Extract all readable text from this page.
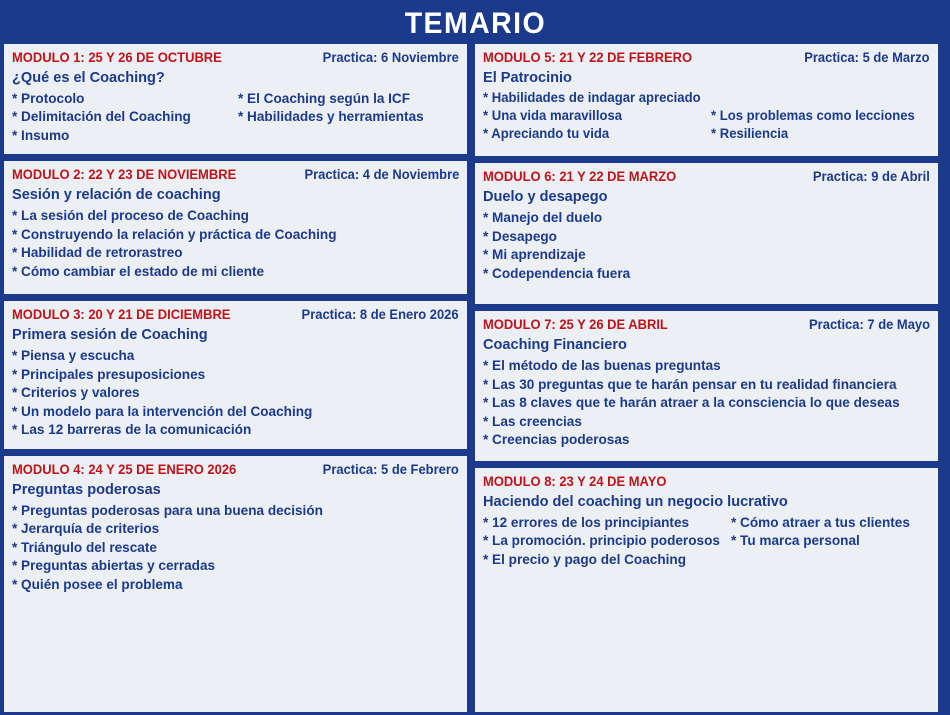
TEMARIO
MODULO 1: 25 Y 26 DE OCTUBRE	Practica: 6 Noviembre
¿Qué es el Coaching?
* Protocolo	* El Coaching según la ICF
* Delimitación del Coaching	* Habilidades y herramientas
* Insumo
MODULO 2: 22 Y 23 DE NOVIEMBRE	Practica: 4 de Noviembre
Sesión y relación de coaching
* La sesión del proceso de Coaching
* Construyendo la relación y práctica de Coaching
* Habilidad de retrorastreo
* Cómo cambiar el estado de mi cliente
MODULO 3: 20 Y 21 DE DICIEMBRE	Practica: 8 de Enero 2026
Primera sesión de Coaching
* Piensa y escucha
* Principales presuposiciones
* Criterios y valores
* Un modelo para la intervención del Coaching
* Las 12 barreras de la comunicación
MODULO 4: 24 Y 25 DE ENERO 2026	Practica: 5 de Febrero
Preguntas poderosas
* Preguntas poderosas para una buena decisión
* Jerarquía de criterios
* Triángulo del rescate
* Preguntas abiertas y cerradas
* Quién posee el problema
MODULO 5: 21 Y 22 DE FEBRERO	Practica: 5 de Marzo
El Patrocinio
* Habilidades de indagar apreciado
* Una vida maravillosa	* Los problemas como lecciones
* Apreciando tu vida	* Resiliencia
MODULO 6: 21 Y 22 DE MARZO	Practica: 9 de Abril
Duelo y desapego
* Manejo del duelo
* Desapego
* Mi aprendizaje
* Codependencia fuera
MODULO 7: 25 Y 26 DE ABRIL	Practica: 7 de Mayo
Coaching Financiero
* El método de las buenas preguntas
* Las 30 preguntas que te harán pensar en tu realidad financiera
* Las 8 claves que te harán atraer a la consciencia lo que deseas
* Las creencias
* Creencias poderosas
MODULO 8: 23 Y 24 DE MAYO
Haciendo del coaching un negocio lucrativo
* 12 errores de los principiantes	* Cómo atraer a tus clientes
* La promoción. principio poderosos * Tu marca personal
* El precio y pago del Coaching
